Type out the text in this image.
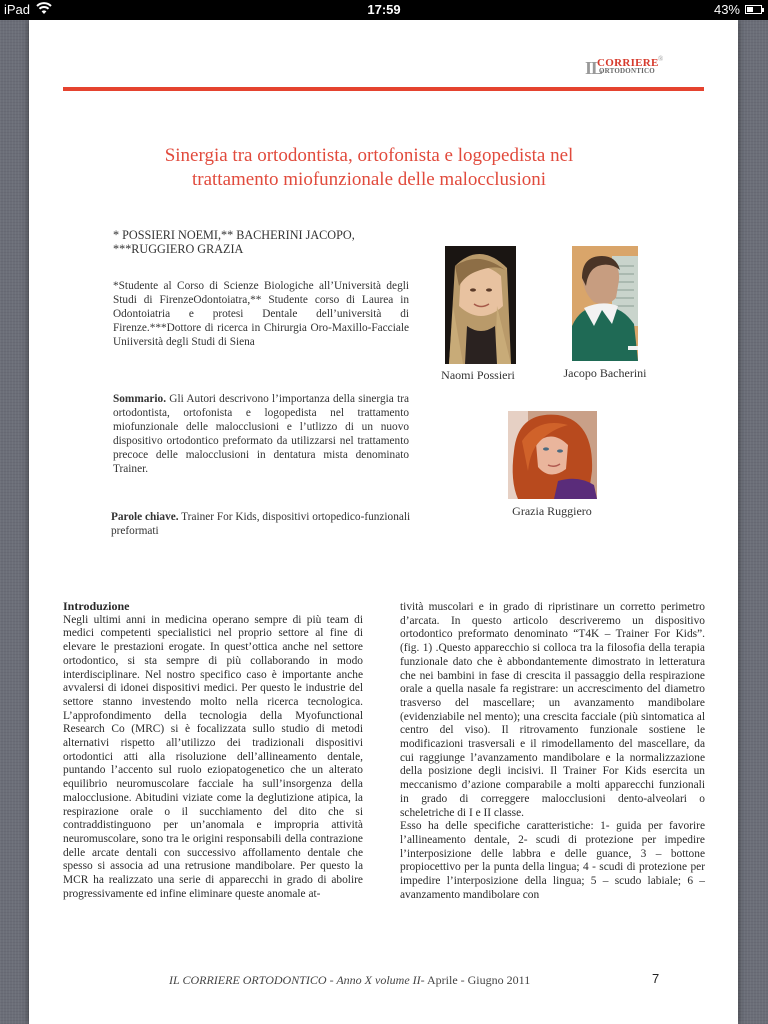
iPad	17:59	43%
IL
CORRIERE
ORTODONTICO
®
Sinergia tra ortodontista, ortofonista e logopedista nel
trattamento miofunzionale delle malocclusioni
* POSSIERI NOEMI,** BACHERINI JACOPO,
***RUGGIERO GRAZIA
*Studente al Corso di Scienze Biologiche all’Università degli Studi di FirenzeOdontoiatra,** Studente corso di Laurea in Odontoiatria e protesi Dentale dell’università di Firenze.***Dottore di ricerca in Chirurgia Oro-Maxillo-Facciale Uniiversità degli Studi di Siena
Sommario. Gli Autori descrivono l’importanza della sinergia tra ortodontista, ortofonista e logopedista nel trattamento miofunzionale delle malocclusioni e l’utlizzo di un nuovo dispositivo ortodontico preformato da utilizzarsi nel trattamento precoce delle malocclusioni in dentatura mista denominato Trainer.
Parole chiave. Trainer For Kids, dispositivi ortopedico-funzionali preformati
Naomi Possieri	Jacopo Bacherini
Grazia Ruggiero

Introduzione

Negli ultimi anni in medicina operano sempre di più team di medici competenti specialistici nel proprio settore al fine di elevare le prestazioni erogate. In quest’ottica anche nel settore ortodontico, si sta sempre di più collaborando in modo interdisciplinare. Nel nostro specifico caso è importante anche avvalersi di idonei dispositivi medici. Per questo le industrie del settore stanno investendo molto nella ricerca tecnologica. L’approfondimento della tecnologia della Myofunctional Research Co (MRC) si è focalizzata sullo studio di metodi alternativi rispetto all’utilizzo dei tradizionali dispositivi ortodontici atti alla risoluzione dell’allineamento dentale, puntando l’accento sul ruolo eziopatogenetico che un alterato equilibrio neuromuscolare facciale ha sull’insorgenza della malocclusione. Abitudini viziate come la deglutizione atipica, la respirazione orale o il succhiamento del dito che si contraddistinguono per un’anomala e impropria attività neuromuscolare, sono tra le origini responsabili della contrazione delle arcate dentali con successivo affollamento dentale che spesso si associa ad una retrusione mandibolare. Per questo la MCR ha realizzato una serie di apparecchi in grado di abolire progressivamente ed infine eliminare queste anomale at-

tività muscolari e in grado di ripristinare un corretto perimetro d’arcata. In questo articolo descriveremo un dispositivo ortodontico preformato denominato “T4K – Trainer For Kids”. (fig. 1) .Questo apparecchio si colloca tra la filosofia della terapia funzionale dato che è abbondantemente dimostrato in letteratura che nei bambini in fase di crescita il passaggio della respirazione orale a quella nasale fa registrare: un accrescimento del diametro trasverso del mascellare; un avanzamento mandibolare (evidenziabile nel mento); una crescita facciale (più sintomatica al centro del viso). Il ritrovamento funzionale sostiene le modificazioni trasversali e il rimodellamento del mascellare, da cui raggiunge l’avanzamento mandibolare e la normalizzazione della posizione degli incisivi. Il Trainer For Kids esercita un meccanismo d’azione comparabile a molti apparecchi funzionali in grado di correggere malocclusioni dento-alveolari o scheletriche di I e II classe.

Esso ha delle specifiche caratteristiche: 1- guida per favorire l’allineamento dentale, 2- scudi di protezione per impedire l’interposizione delle labbra e delle guance, 3 – bottone propiocettivo per la punta della lingua; 4 - scudi di protezione per impedire l’interposizione della lingua; 5 – scudo labiale; 6 – avanzamento mandibolare con

IL CORRIERE ORTODONTICO - Anno X volume II- Aprile - Giugno 2011	7
